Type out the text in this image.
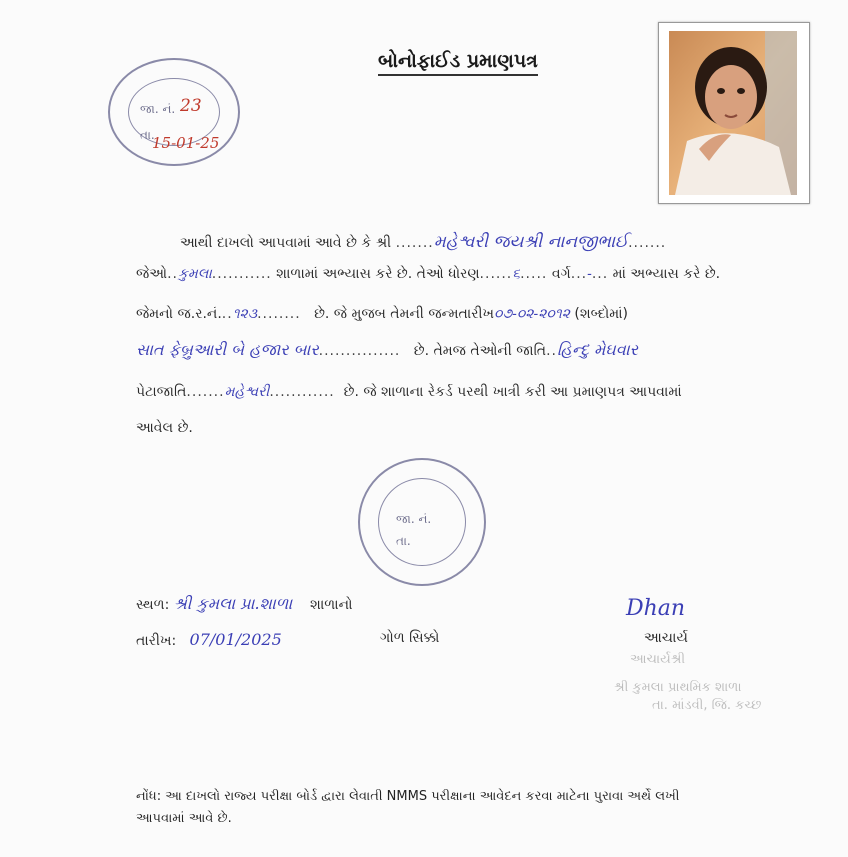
બોનોફાઈડ પ્રમાણપત્ર
જા. નં. 23
તા.
15-01-25
આથી દાખલો આપવામાં આવે છે કે શ્રી .......મહેશ્વરી જયશ્રી નાનજીભાઈ.......
જેઓ..કુમલા........... શાળામાં અભ્યાસ કરે છે. તેઓ ધોરણ......૬..... વર્ગ...-... માં અભ્યાસ કરે છે.
જેમનો જ.ર.નં...૧૨૩........ છે. જે મુજબ તેમની જન્મતારીખ૦૭-૦૨-૨૦૧૨ (શબ્દોમાં)
સાત ફેબ્રુઆરી બે હજાર બાર............... છે. તેમજ તેઓની જાતિ..હિન્દુ મેઘવાર
પેટાજાતિ.......મહેશ્વરી............ છે. જે શાળાના રેકર્ડ પરથી ખાત્રી કરી આ પ્રમાણપત્ર આપવામાં
આવેલ છે.
જા. નં.
તા.
આચાર્યશ્રી
શ્રી કુમલા પ્રાથમિક શાળા
તા. માંડવી, જિ. કચ્છ
સ્થળ: શ્રી કુમલા પ્રા.શાળા શાળાનો
તારીખ: 07/01/2025	ગોળ સિક્કો
Dhan
આચાર્ય
નોંધ: આ દાખલો રાજ્ય પરીક્ષા બોર્ડ દ્વારા લેવાતી NMMS પરીક્ષાના આવેદન કરવા માટેના પુરાવા અર્થે લખી
આપવામાં આવે છે.
